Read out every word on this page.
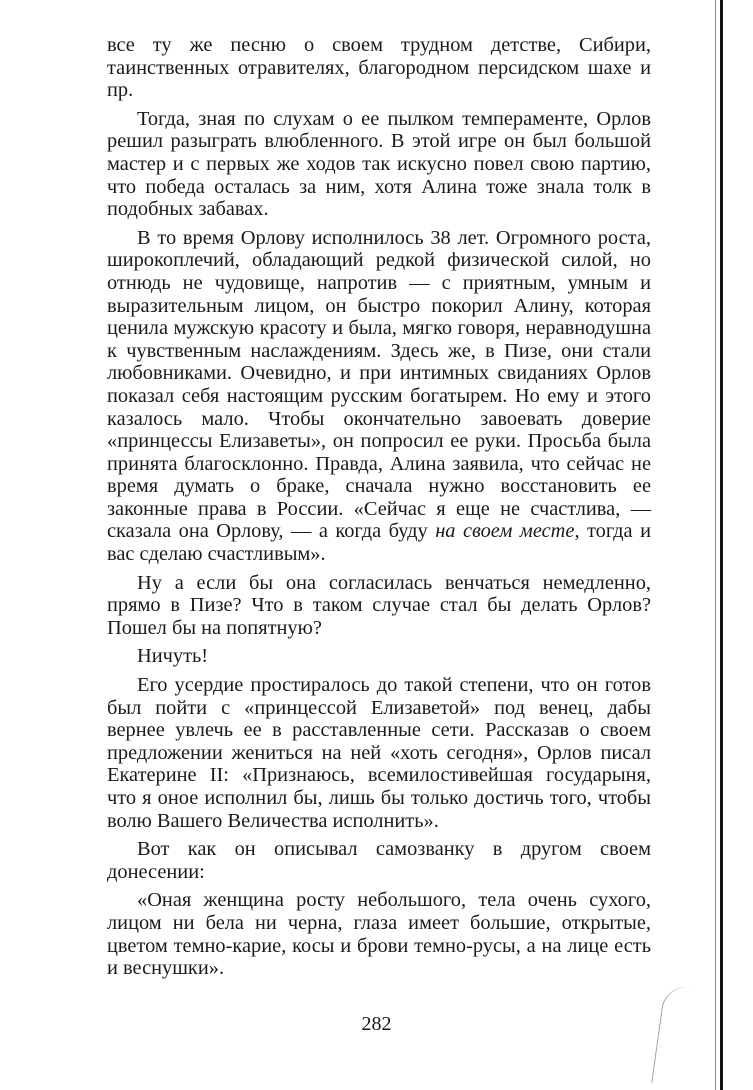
все ту же песню о своем трудном детстве, Сибири, таинственных отравителях, благородном персидском шахе и пр.

Тогда, зная по слухам о ее пылком темпераменте, Орлов решил разыграть влюбленного. В этой игре он был большой мастер и с первых же ходов так искусно повел свою партию, что победа осталась за ним, хотя Алина тоже знала толк в подобных забавах.

В то время Орлову исполнилось 38 лет. Огромного роста, широкоплечий, обладающий редкой физической силой, но отнюдь не чудовище, напротив — с приятным, умным и выразительным лицом, он быстро покорил Алину, которая ценила мужскую красоту и была, мягко говоря, неравнодушна к чувственным наслаждениям. Здесь же, в Пизе, они стали любовниками. Очевидно, и при интимных свиданиях Орлов показал себя настоящим русским богатырем. Но ему и этого казалось мало. Чтобы окончательно завоевать доверие «принцессы Елизаветы», он попросил ее руки. Просьба была принята благосклонно. Правда, Алина заявила, что сейчас не время думать о браке, сначала нужно восстановить ее законные права в России. «Сейчас я еще не счастлива, — сказала она Орлову, — а когда буду на своем месте, тогда и вас сделаю счастливым».

Ну а если бы она согласилась венчаться немедленно, прямо в Пизе? Что в таком случае стал бы делать Орлов? Пошел бы на попятную?

Ничуть!

Его усердие простиралось до такой степени, что он готов был пойти с «принцессой Елизаветой» под венец, дабы вернее увлечь ее в расставленные сети. Рассказав о своем предложении жениться на ней «хоть сегодня», Орлов писал Екатерине II: «Признаюсь, всемилостивейшая государыня, что я оное исполнил бы, лишь бы только достичь того, чтобы волю Вашего Величества исполнить».

Вот как он описывал самозванку в другом своем донесении:

«Оная женщина росту небольшого, тела очень сухого, лицом ни бела ни черна, глаза имеет большие, открытые, цветом темно-карие, косы и брови темно-русы, а на лице есть и веснушки».

282
